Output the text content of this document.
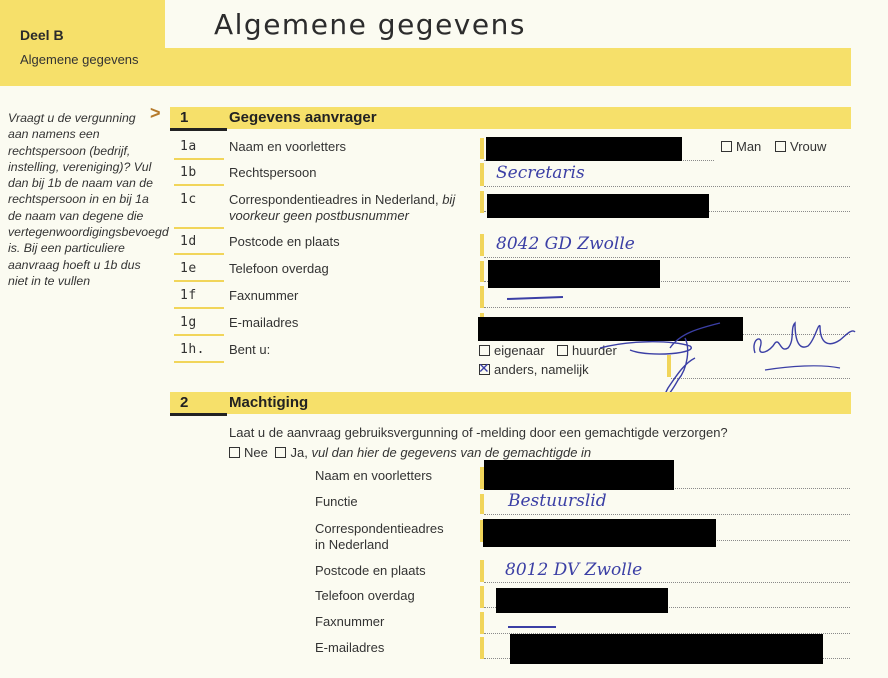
Deel B
Algemene gegevens
Algemene gegevens
Vraagt u de vergunning aan namens een rechtspersoon (bedrijf, instelling, vereniging)? Vul dan bij 1b de naam van de rechtspersoon in en bij 1a de naam van degene die vertegenwoordigingsbevoegd is. Bij een particuliere aanvraag hoeft u 1b dus niet in te vullen
> 1	Gegevens aanvrager
1a Naam en voorletters	Man	Vrouw
1b Rechtspersoon	Secretaris
1c Correspondentieadres in Nederland, bij voorkeur geen postbusnummer
1d Postcode en plaats	8042 GD Zwolle
1e Telefoon overdag
1f Faxnummer
1g E-mailadres
1h. Bent u:	eigenaar	huurder
✕anders, namelijk
2	Machtiging
Laat u de aanvraag gebruiksvergunning of -melding door een gemachtigde verzorgen?
Nee Ja, vul dan hier de gegevens van de gemachtigde in
Naam en voorletters
Functie	Bestuurslid
Correspondentieadres in Nederland
Postcode en plaats	8012 DV Zwolle
Telefoon overdag
Faxnummer
E-mailadres
